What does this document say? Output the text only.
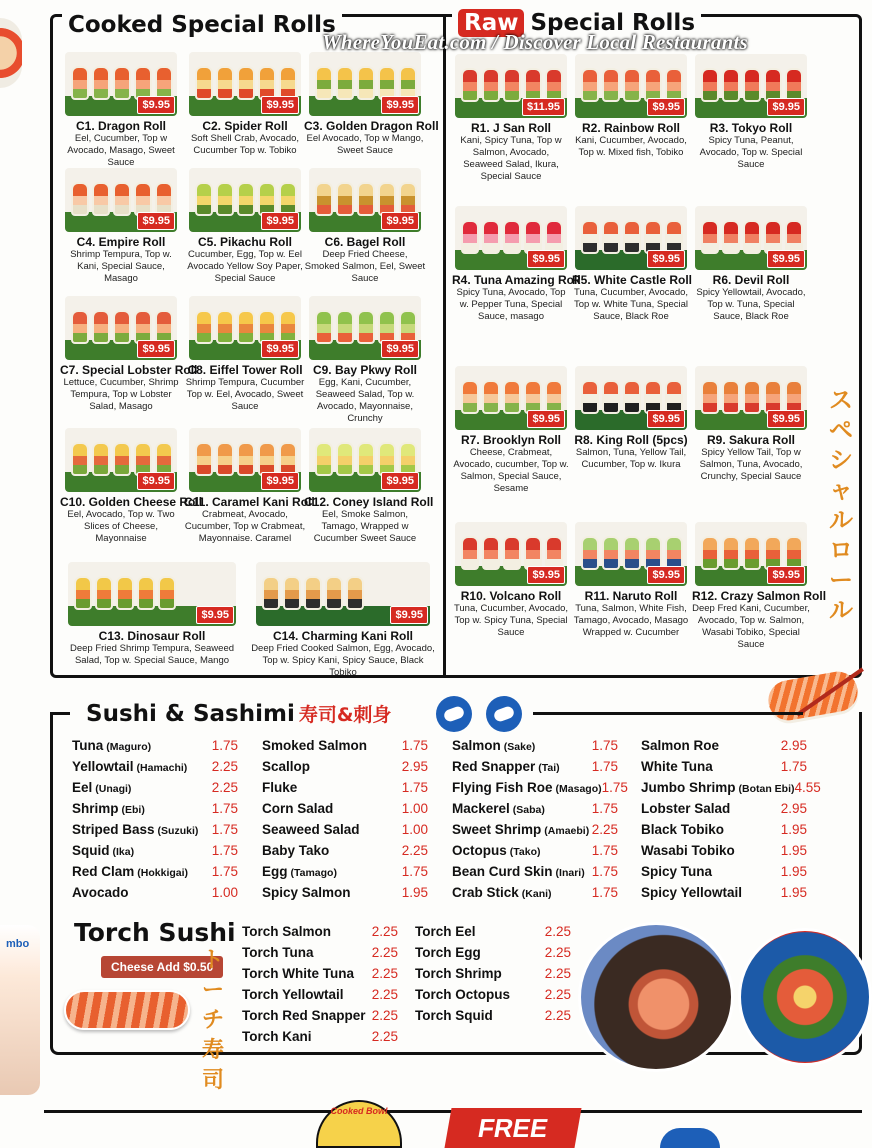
WhereYouEat.com / Discover Local Restaurants
mbo
Cooked Special Rolls	Raw Special Rolls
$9.95
C1. Dragon Roll
Eel, Cucumber, Top w Avocado, Masago, Sweet Sauce
$9.95
C2. Spider Roll
Soft Shell Crab, Avocado, Cucumber Top w. Tobiko
$9.95
C3. Golden Dragon Roll
Eel Avocado, Top w Mango, Sweet Sauce
$9.95
C4. Empire Roll
Shrimp Tempura, Top w. Kani, Special Sauce, Masago
$9.95
C5. Pikachu Roll
Cucumber, Egg, Top w. Eel Avocado Yellow Soy Paper, Special Sauce
$9.95
C6. Bagel Roll
Deep Fried Cheese, Smoked Salmon, Eel, Sweet Sauce
$9.95
C7. Special Lobster Roll
Lettuce, Cucumber, Shrimp Tempura, Top w Lobster Salad, Masago
$9.95
C8. Eiffel Tower Roll
Shrimp Tempura, Cucumber Top w. Eel, Avocado, Sweet Sauce
$9.95
C9. Bay Pkwy Roll
Egg, Kani, Cucumber, Seaweed Salad, Top w. Avocado, Mayonnaise, Crunchy
$9.95
C10. Golden Cheese Roll
Eel, Avocado, Top w. Two Slices of Cheese, Mayonnaise
$9.95
C11. Caramel Kani Roll
Crabmeat, Avocado, Cucumber, Top w Crabmeat, Mayonnaise. Caramel
$9.95
C12. Coney Island Roll
Eel, Smoke Salmon, Tamago, Wrapped w Cucumber Sweet Sauce
$9.95
C13. Dinosaur Roll
Deep Fried Shrimp Tempura, Seaweed Salad, Top w. Special Sauce, Mango
$9.95
C14. Charming Kani Roll
Deep Fried Cooked Salmon, Egg, Avocado, Top w. Spicy Kani, Spicy Sauce, Black Tobiko
$11.95
R1. J San Roll
Kani, Spicy Tuna, Top w Salmon, Avocado, Seaweed Salad, Ikura, Special Sauce
$9.95
R2. Rainbow Roll
Kani, Cucumber, Avocado, Top w. Mixed fish, Tobiko
$9.95
R3. Tokyo Roll
Spicy Tuna, Peanut, Avocado, Top w. Special Sauce
$9.95
R4. Tuna Amazing Roll
Spicy Tuna, Avocado, Top w. Pepper Tuna, Special Sauce, masago
$9.95
R5. White Castle Roll
Tuna, Cucumber, Avocado, Top w. White Tuna, Special Sauce, Black Roe
$9.95
R6. Devil Roll
Spicy Yellowtail, Avocado, Top w. Tuna, Special Sauce, Black Roe
$9.95
R7. Brooklyn Roll
Cheese, Crabmeat, Avocado, cucumber, Top w. Salmon, Special Sauce, Sesame
$9.95
R8. King Roll (5pcs)
Salmon, Tuna, Yellow Tail, Cucumber, Top w. Ikura
$9.95
R9. Sakura Roll
Spicy Yellow Tail, Top w Salmon, Tuna, Avocado, Crunchy, Special Sauce
$9.95
R10. Volcano Roll
Tuna, Cucumber, Avocado, Top w. Spicy Tuna, Special Sauce
$9.95
R11. Naruto Roll
Tuna, Salmon, White Fish, Tamago, Avocado, Masago Wrapped w. Cucumber
$9.95
R12. Crazy Salmon Roll
Deep Fred Kani, Cucumber, Avocado, Top w. Salmon, Wasabi Tobiko, Special Sauce
ス
ペ
シ
ャ
ル
ロ
ー
ル
Sushi & Sashimi 寿司&刺身
Tuna (Maguro)	1.75
Yellowtail (Hamachi) 2.25
Eel (Unagi)	2.25
Shrimp (Ebi)	1.75
Striped Bass (Suzuki) 1.75
Squid (Ika)	1.75
Red Clam (Hokkigai) 1.75
Avocado	1.00
Smoked Salmon	1.75
Scallop	2.95
Fluke	1.75
Corn Salad	1.00
Seaweed Salad	1.00
Baby Tako	2.25
Egg (Tamago)	1.75
Spicy Salmon	1.95
Salmon (Sake)	1.75
Red Snapper (Tai) 1.75
Flying Fish Roe (Masago) 1.75
Mackerel (Saba)	1.75
Sweet Shrimp (Amaebi) 2.25
Octopus (Tako)	1.75
Bean Curd Skin (Inari) 1.75
Crab Stick (Kani)	1.75
Salmon Roe	2.95
White Tuna	1.75
Jumbo Shrimp (Botan Ebi) 4.55
Lobster Salad	2.95
Black Tobiko	1.95
Wasabi Tobiko	1.95
Spicy Tuna	1.95
Spicy Yellowtail	1.95
Torch Sushi
Cheese Add $0.50
ト
ー
チ
寿
司
Torch Salmon	2.25
Torch Tuna	2.25
Torch White Tuna 2.25
Torch Yellowtail 2.25
Torch Red Snapper 2.25
Torch Kani	2.25
Torch Eel	2.25
Torch Egg	2.25
Torch Shrimp	2.25
Torch Octopus	2.25
Torch Squid	2.25
Cooked Bowl
FREE
